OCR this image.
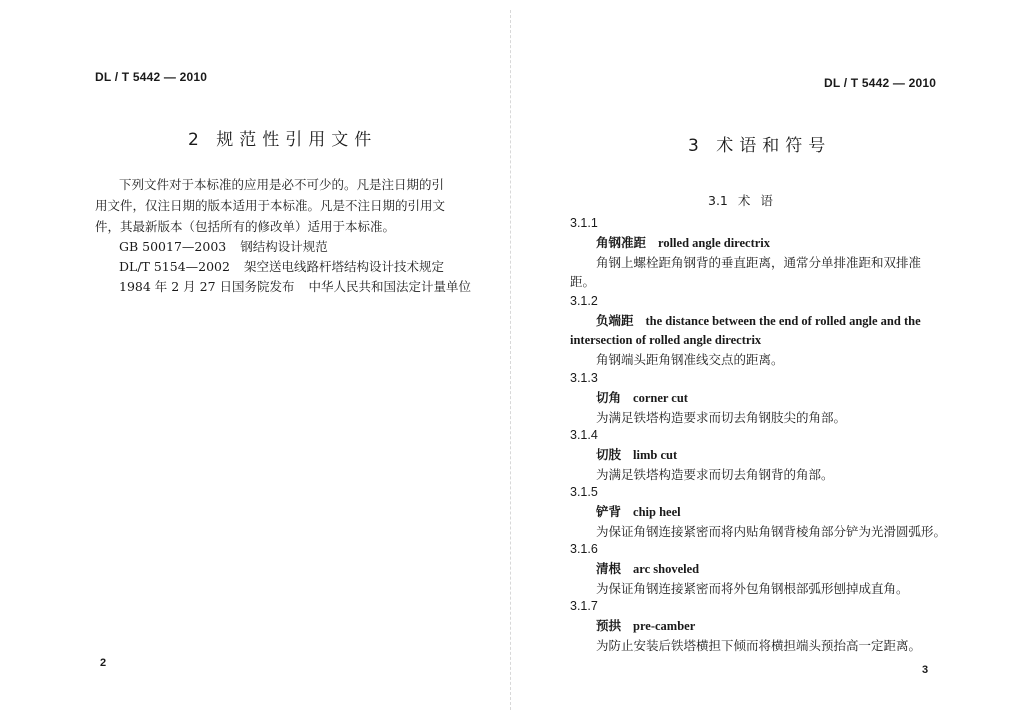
DL / T 5442 — 2010
2 规范性引用文件
下列文件对于本标准的应用是必不可少的。凡是注日期的引
用文件，仅注日期的版本适用于本标准。凡是不注日期的引用文
件，其最新版本（包括所有的修改单）适用于本标准。
GB 50017—2003 钢结构设计规范
DL/T 5154—2002 架空送电线路杆塔结构设计技术规定
1984 年 2 月 27 日国务院发布 中华人民共和国法定计量单位
2
DL / T 5442 — 2010
3 术语和符号
3.1 术 语
3.1.1
角钢准距 rolled angle directrix
角钢上螺栓距角钢背的垂直距离，通常分单排准距和双排准
距。
3.1.2
负端距 the distance between the end of rolled angle and the
intersection of rolled angle directrix
角钢端头距角钢准线交点的距离。
3.1.3
切角 corner cut
为满足铁塔构造要求而切去角钢肢尖的角部。
3.1.4
切肢 limb cut
为满足铁塔构造要求而切去角钢背的角部。
3.1.5
铲背 chip heel
为保证角钢连接紧密而将内贴角钢背棱角部分铲为光滑圆弧形。
3.1.6
清根 arc shoveled
为保证角钢连接紧密而将外包角钢根部弧形刨掉成直角。
3.1.7
预拱 pre-camber
为防止安装后铁塔横担下倾而将横担端头预抬高一定距离。
3
